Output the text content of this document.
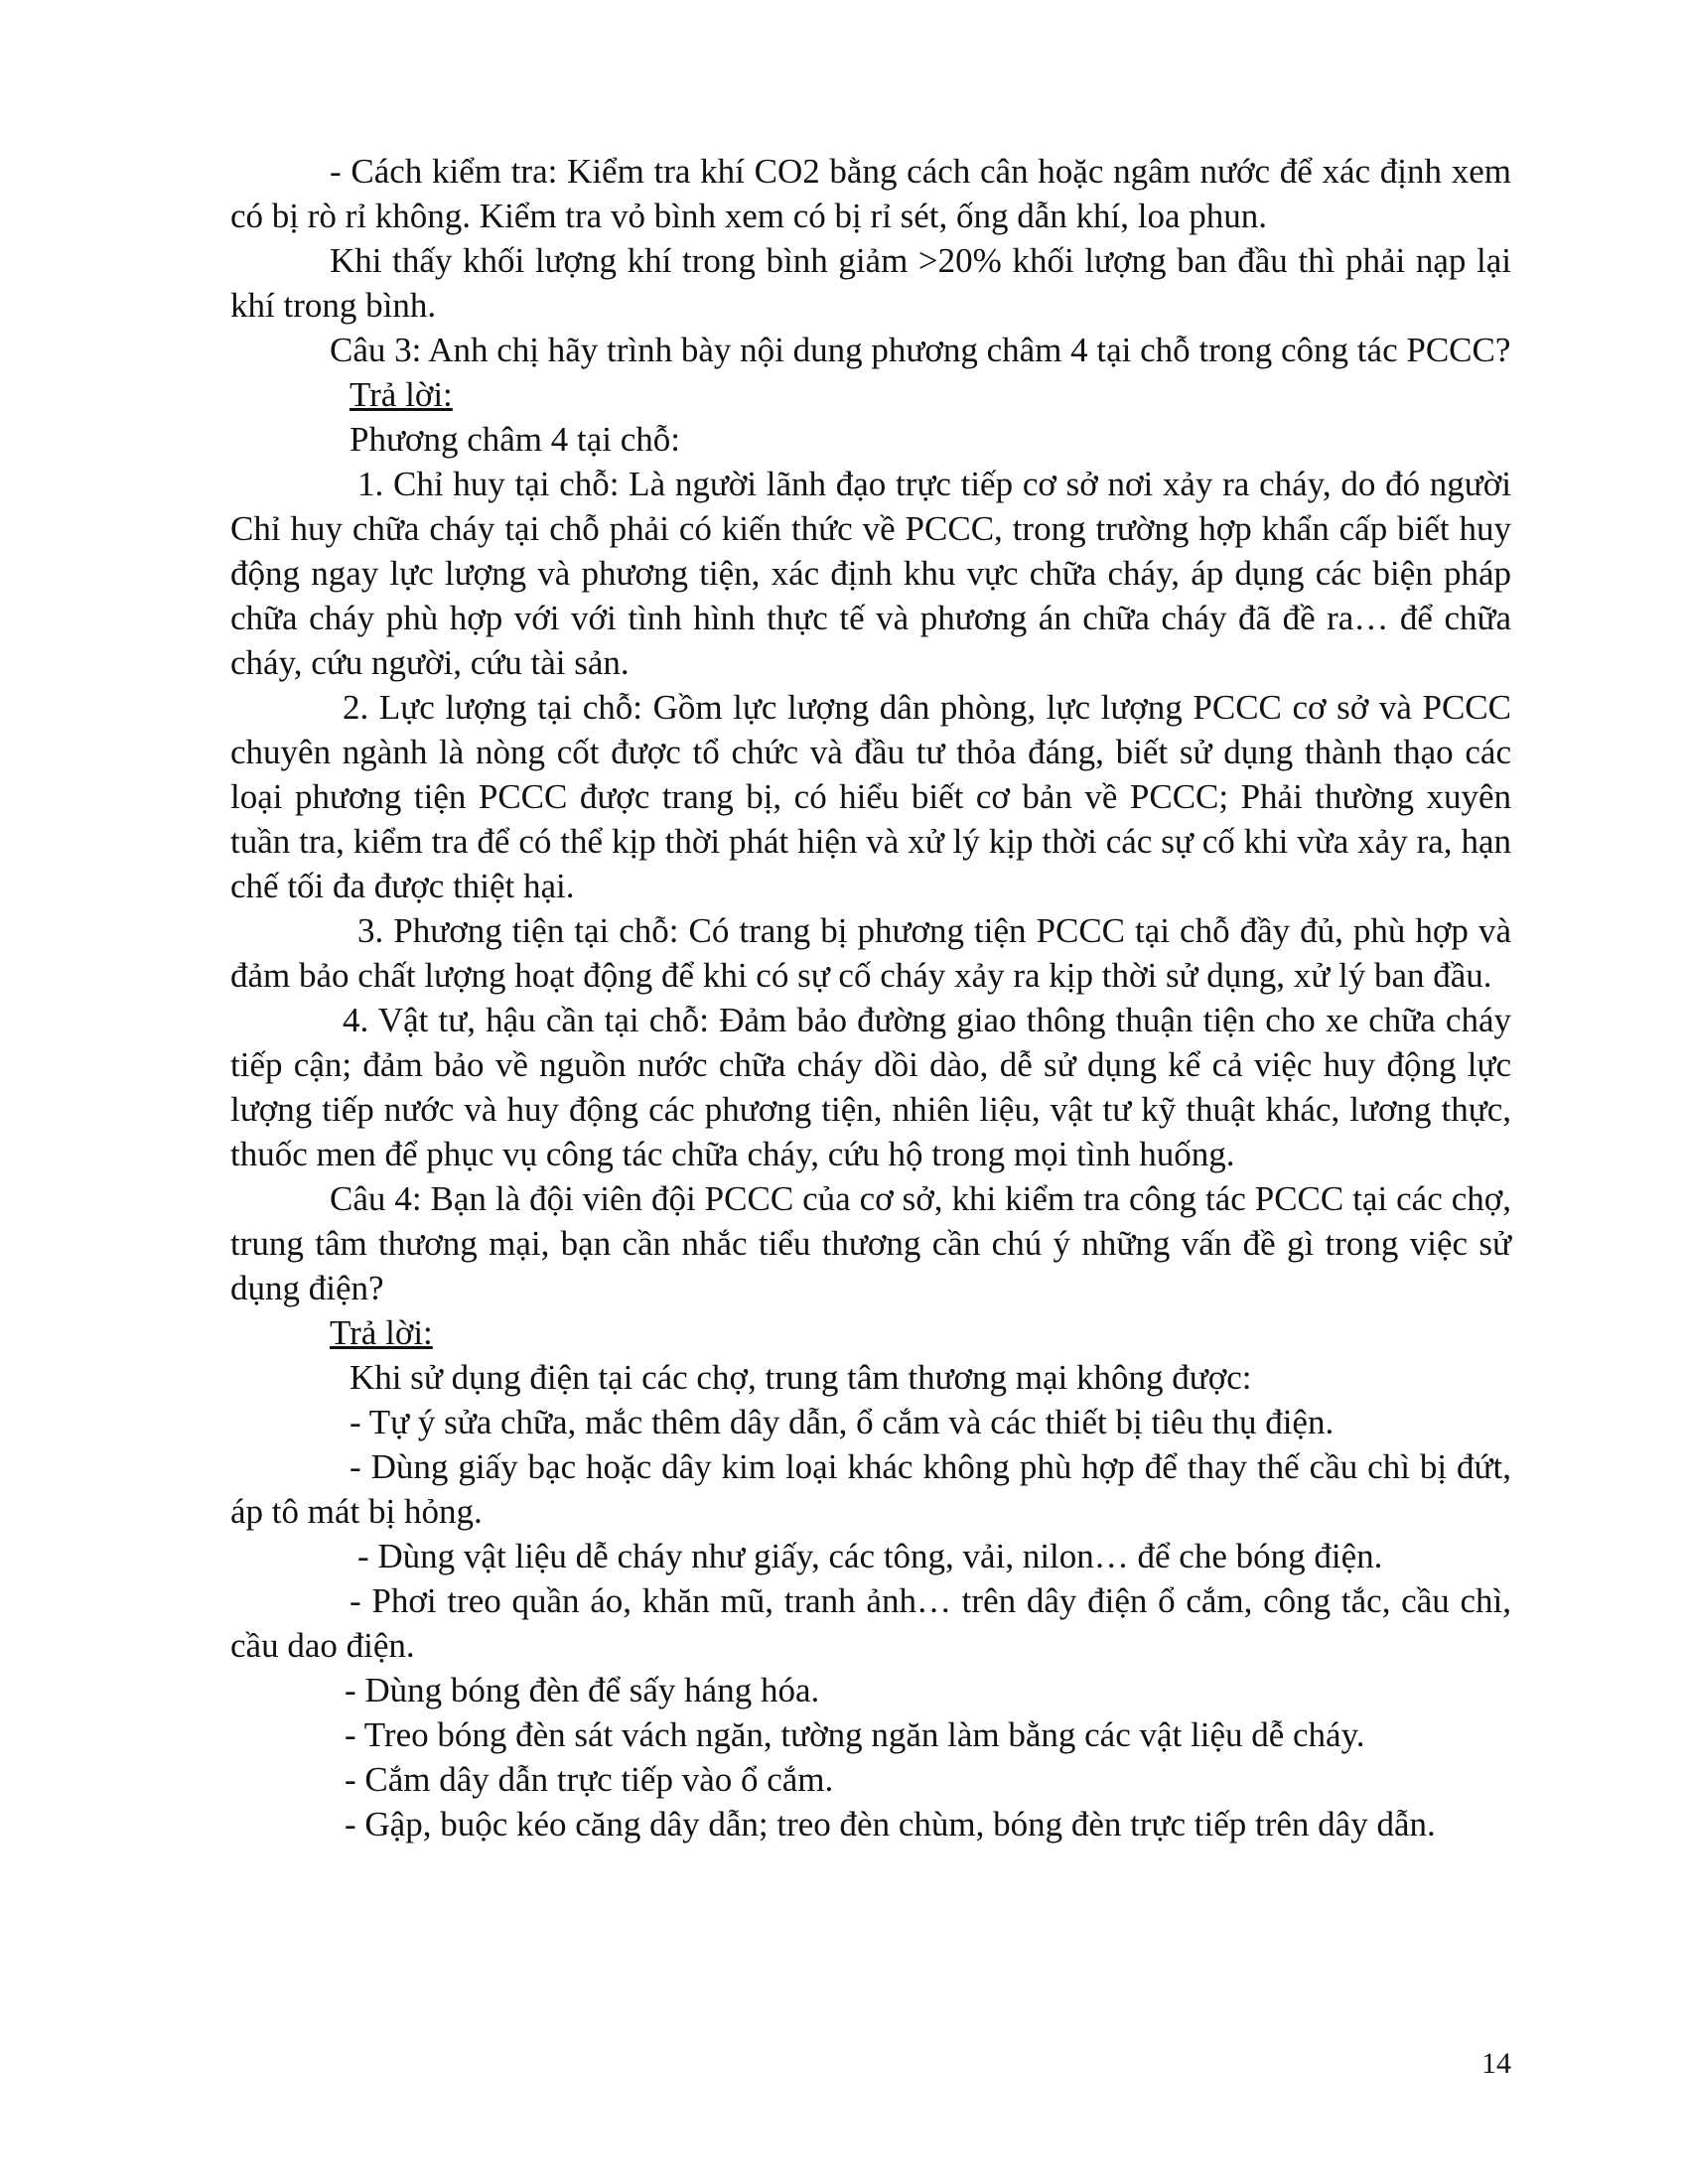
- Cách kiểm tra: Kiểm tra khí CO2 bằng cách cân hoặc ngâm nước để xác định xem có bị rò rỉ không. Kiểm tra vỏ bình xem có bị rỉ sét, ống dẫn khí, loa phun.

Khi thấy khối lượng khí trong bình giảm >20% khối lượng ban đầu thì phải nạp lại khí trong bình.

Câu 3: Anh chị hãy trình bày nội dung phương châm 4 tại chỗ trong công tác PCCC?

Trả lời:

Phương châm 4 tại chỗ:

1. Chỉ huy tại chỗ: Là người lãnh đạo trực tiếp cơ sở nơi xảy ra cháy, do đó người Chỉ huy chữa cháy tại chỗ phải có kiến thức về PCCC, trong trường hợp khẩn cấp biết huy động ngay lực lượng và phương tiện, xác định khu vực chữa cháy, áp dụng các biện pháp chữa cháy phù hợp với với tình hình thực tế và phương án chữa cháy đã đề ra… để chữa cháy, cứu người, cứu tài sản.

2. Lực lượng tại chỗ: Gồm lực lượng dân phòng, lực lượng PCCC cơ sở và PCCC chuyên ngành là nòng cốt được tổ chức và đầu tư thỏa đáng, biết sử dụng thành thạo các loại phương tiện PCCC được trang bị, có hiểu biết cơ bản về PCCC; Phải thường xuyên tuần tra, kiểm tra để có thể kịp thời phát hiện và xử lý kịp thời các sự cố khi vừa xảy ra, hạn chế tối đa được thiệt hại.

3. Phương tiện tại chỗ: Có trang bị phương tiện PCCC tại chỗ đầy đủ, phù hợp và đảm bảo chất lượng hoạt động để khi có sự cố cháy xảy ra kịp thời sử dụng, xử lý ban đầu.

4. Vật tư, hậu cần tại chỗ: Đảm bảo đường giao thông thuận tiện cho xe chữa cháy tiếp cận; đảm bảo về nguồn nước chữa cháy dồi dào, dễ sử dụng kể cả việc huy động lực lượng tiếp nước và huy động các phương tiện, nhiên liệu, vật tư kỹ thuật khác, lương thực, thuốc men để phục vụ công tác chữa cháy, cứu hộ trong mọi tình huống.

Câu 4: Bạn là đội viên đội PCCC của cơ sở, khi kiểm tra công tác PCCC tại các chợ, trung tâm thương mại, bạn cần nhắc tiểu thương cần chú ý những vấn đề gì trong việc sử dụng điện?

Trả lời:

Khi sử dụng điện tại các chợ, trung tâm thương mại không được:

- Tự ý sửa chữa, mắc thêm dây dẫn, ổ cắm và các thiết bị tiêu thụ điện.

- Dùng giấy bạc hoặc dây kim loại khác không phù hợp để thay thế cầu chì bị đứt, áp tô mát bị hỏng.

- Dùng vật liệu dễ cháy như giấy, các tông, vải, nilon… để che bóng điện.

- Phơi treo quần áo, khăn mũ, tranh ảnh… trên dây điện ổ cắm, công tắc, cầu chì, cầu dao điện.

- Dùng bóng đèn để sấy háng hóa.

- Treo bóng đèn sát vách ngăn, tường ngăn làm bằng các vật liệu dễ cháy.

- Cắm dây dẫn trực tiếp vào ổ cắm.

- Gập, buộc kéo căng dây dẫn; treo đèn chùm, bóng đèn trực tiếp trên dây dẫn.

14
